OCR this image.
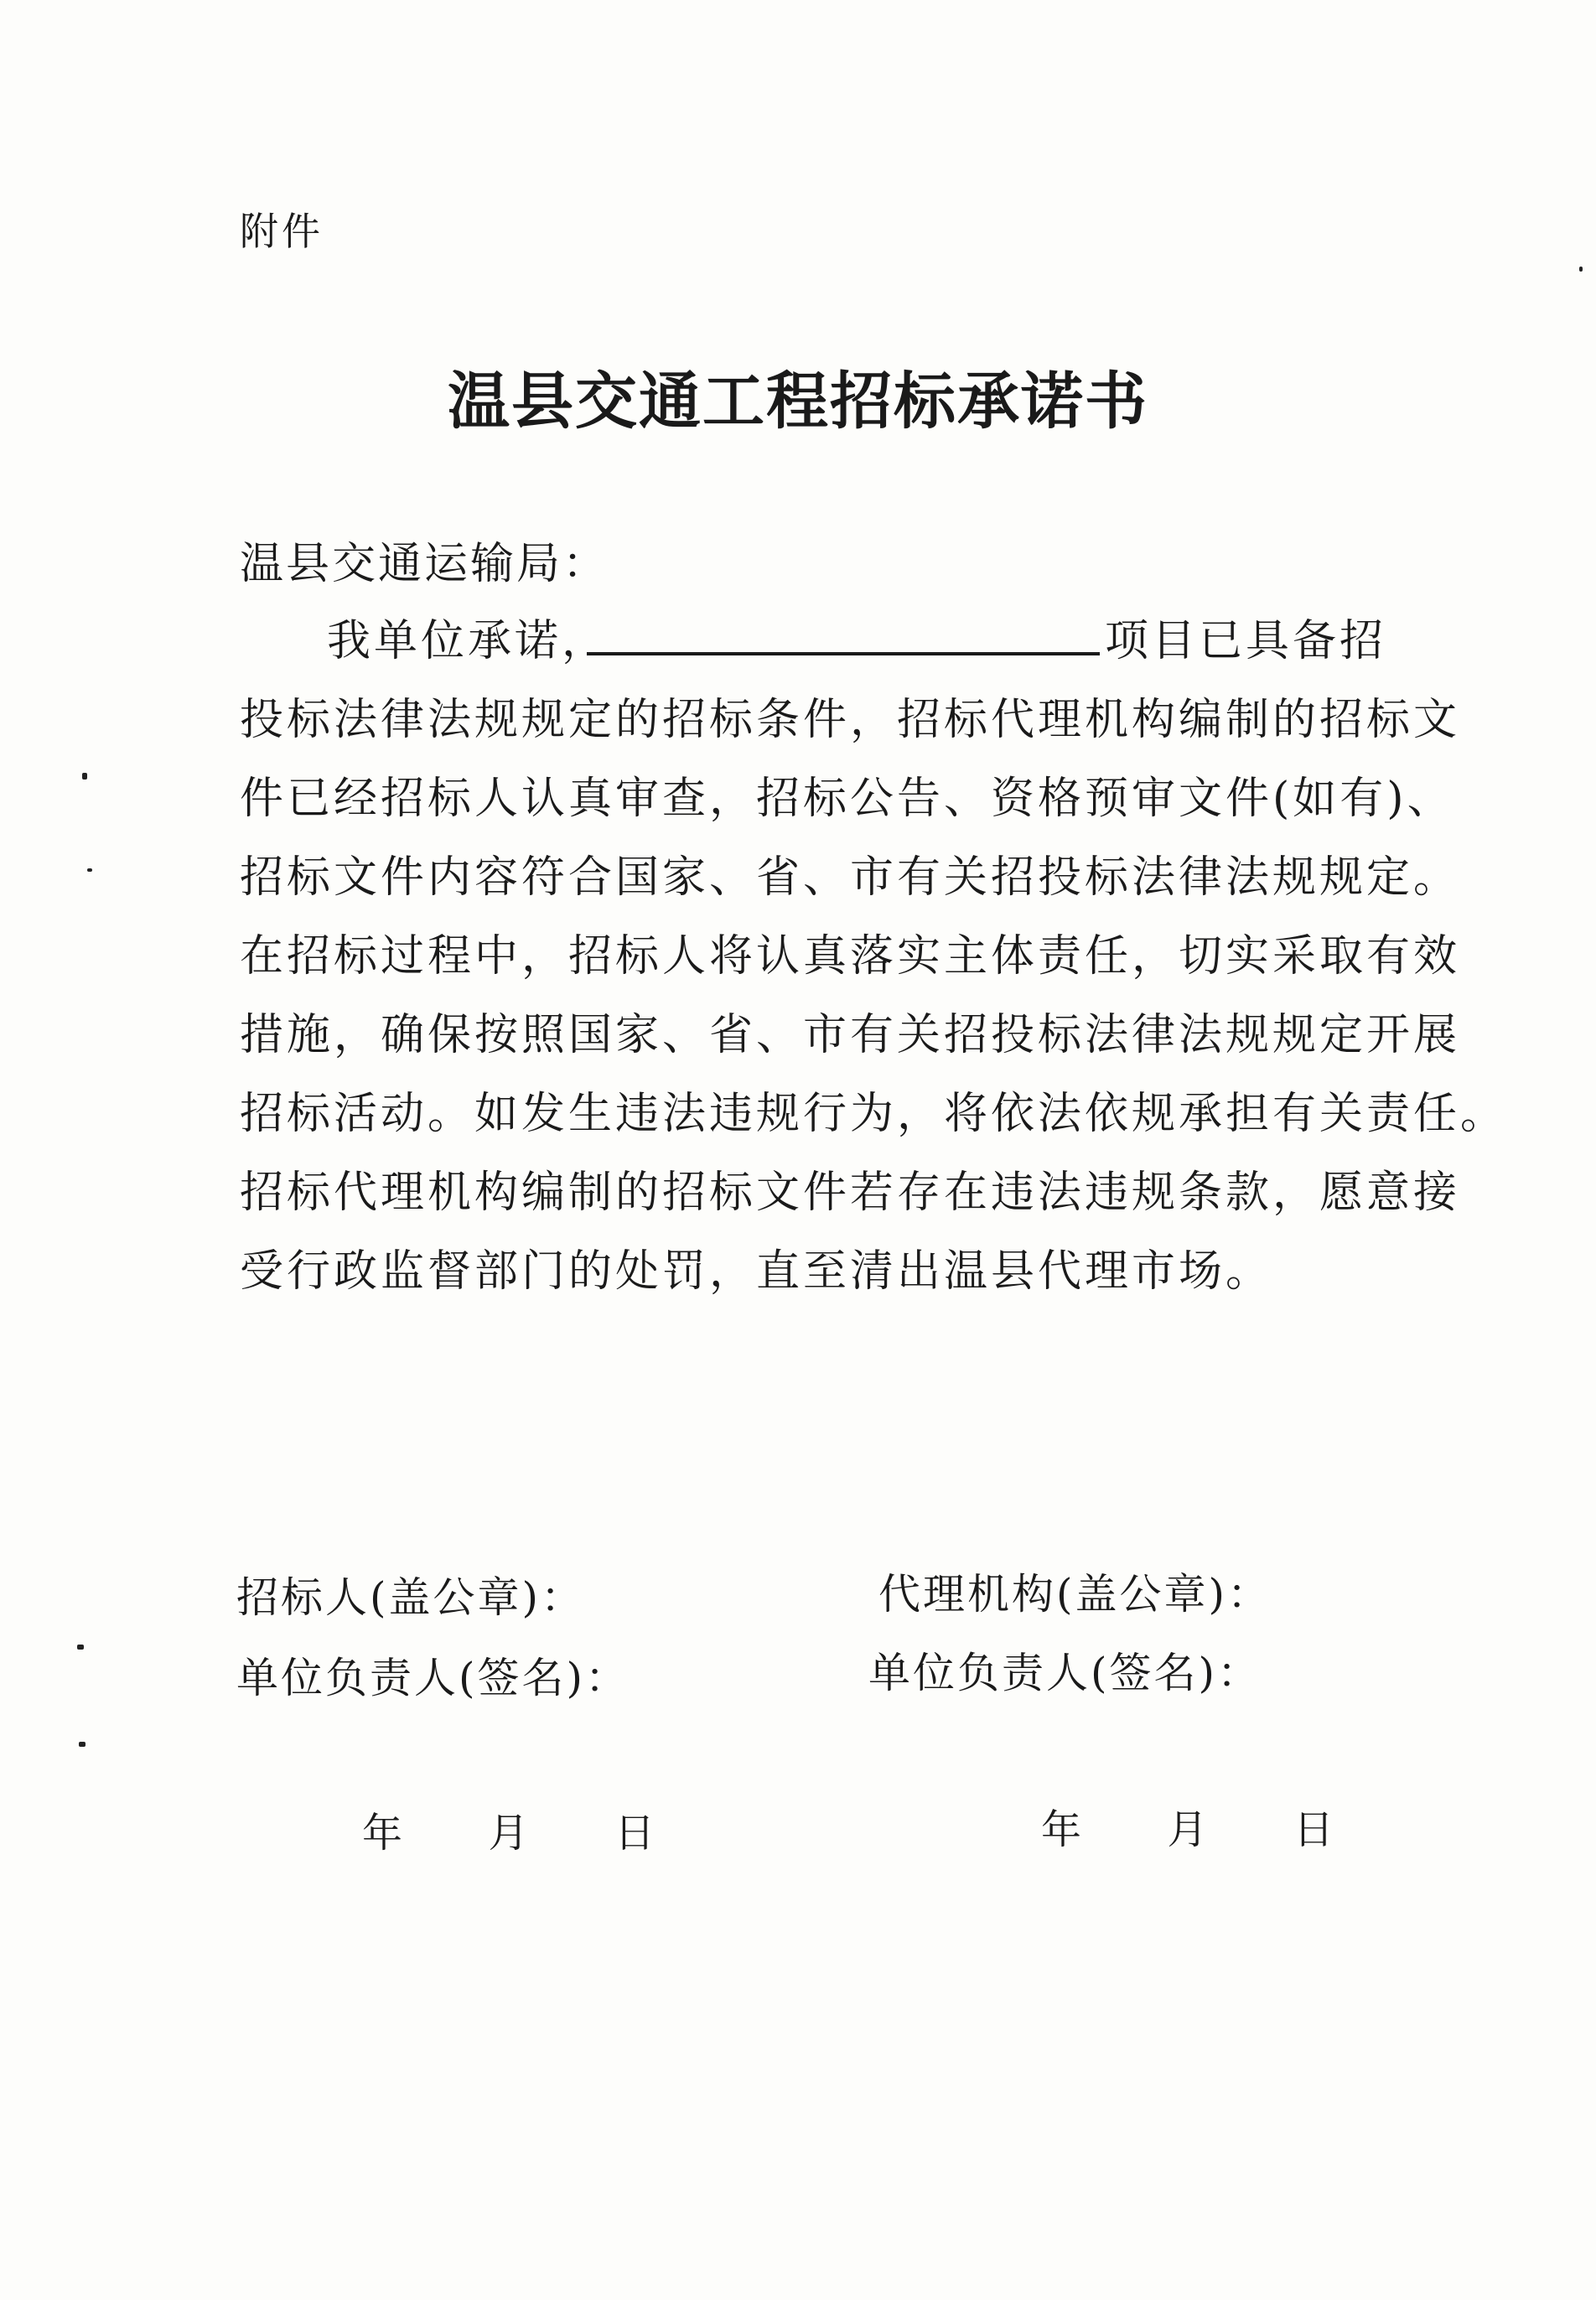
附件
温县交通工程招标承诺书
温县交通运输局：
我单位承诺，	项目已具备招
投标法律法规规定的招标条件，招标代理机构编制的招标文
件已经招标人认真审查，招标公告、资格预审文件(如有)、
招标文件内容符合国家、省、市有关招投标法律法规规定。
在招标过程中，招标人将认真落实主体责任，切实采取有效
措施，确保按照国家、省、市有关招投标法律法规规定开展
招标活动。如发生违法违规行为，将依法依规承担有关责任。
招标代理机构编制的招标文件若存在违法违规条款，愿意接
受行政监督部门的处罚，直至清出温县代理市场。
招标人(盖公章)：
单位负责人(签名)：
年 月 日
代理机构(盖公章)：
单位负责人(签名)：
年 月 日
